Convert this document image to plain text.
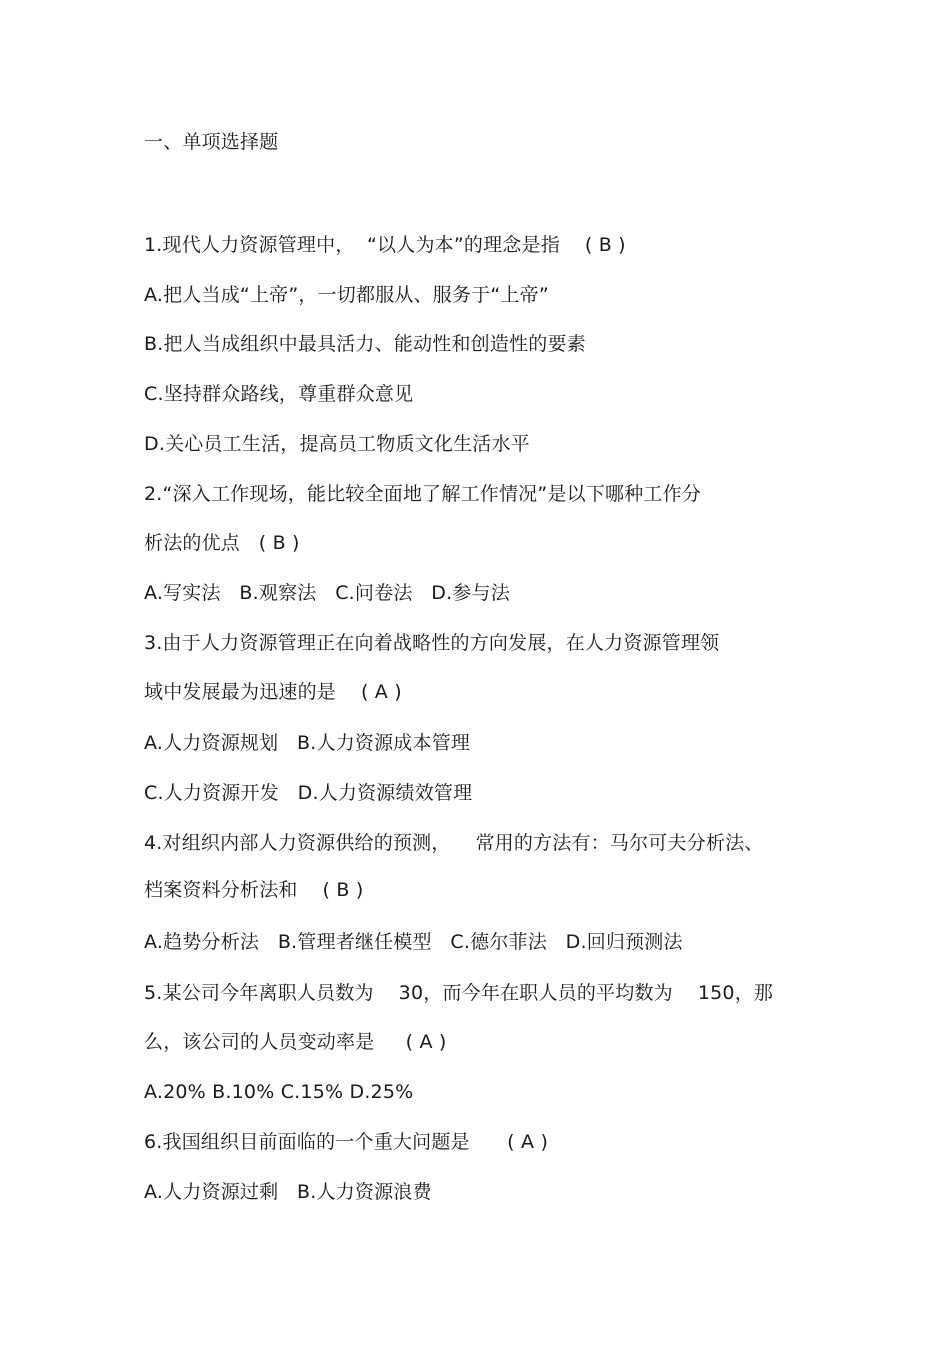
一、单项选择题
1.现代人力资源管理中，  “以人为本”的理念是指    ( B )
A.把人当成“上帝”，一切都服从、服务于“上帝”
B.把人当成组织中最具活力、能动性和创造性的要素
C.坚持群众路线，尊重群众意见
D.关心员工生活，提高员工物质文化生活水平
2.“深入工作现场，能比较全面地了解工作情况”是以下哪种工作分
析法的优点   ( B )
A.写实法   B.观察法   C.问卷法   D.参与法
3.由于人力资源管理正在向着战略性的方向发展，在人力资源管理领
域中发展最为迅速的是    ( A )
A.人力资源规划   B.人力资源成本管理
C.人力资源开发   D.人力资源绩效管理
4.对组织内部人力资源供给的预测，    常用的方法有：马尔可夫分析法、
档案资料分析法和    ( B )
A.趋势分析法   B.管理者继任模型   C.德尔菲法   D.回归预测法
5.某公司今年离职人员数为    30，而今年在职人员的平均数为    150，那
么，该公司的人员变动率是     ( A )
A.20% B.10% C.15% D.25%
6.我国组织目前面临的一个重大问题是      ( A )
A.人力资源过剩   B.人力资源浪费
